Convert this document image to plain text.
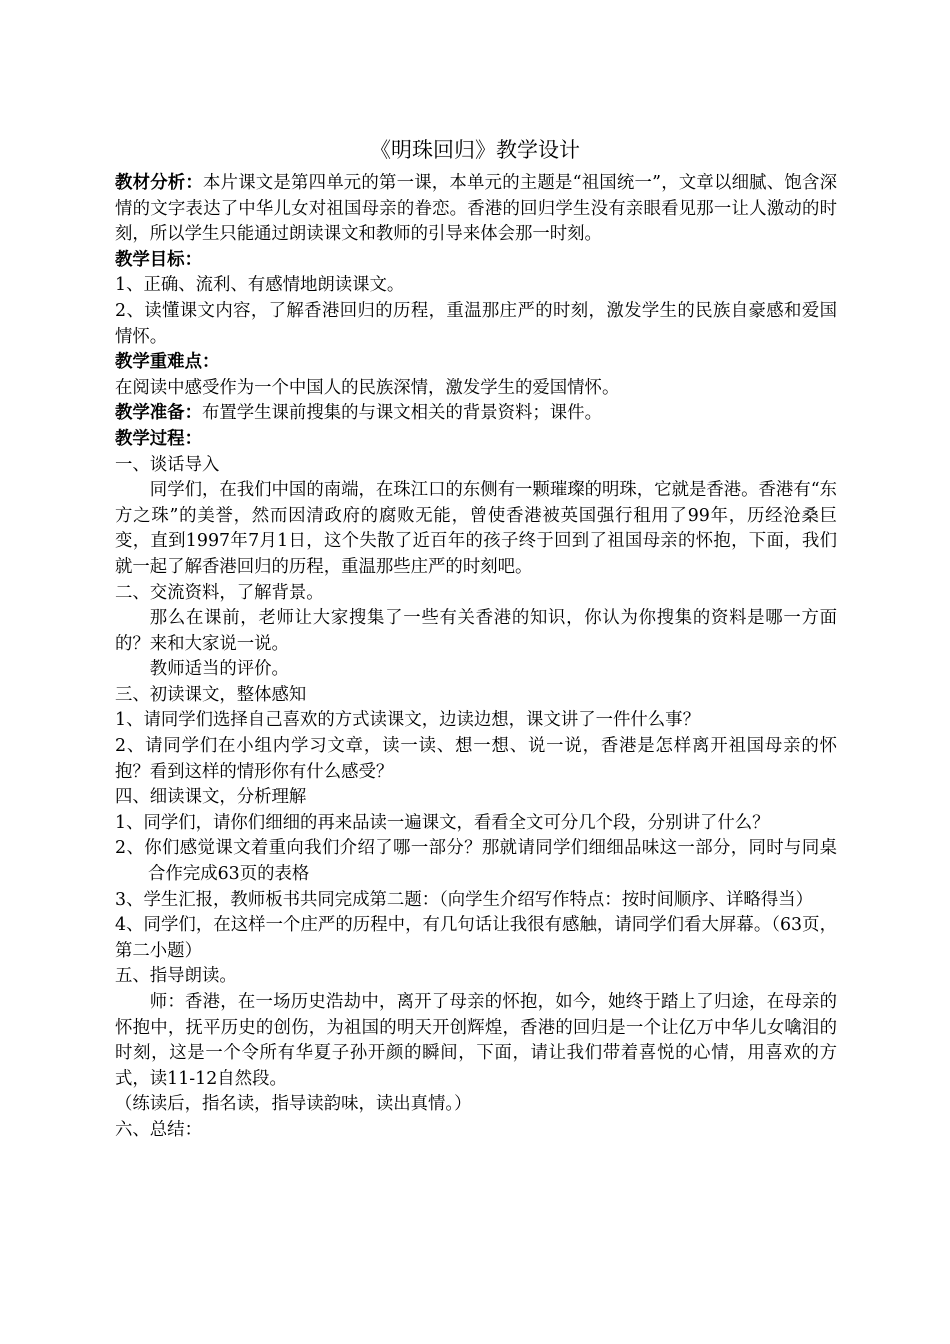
《明珠回归》教学设计

教材分析：本片课文是第四单元的第一课，本单元的主题是“祖国统一”，文章以细腻、饱含深情的文字表达了中华儿女对祖国母亲的眷恋。香港的回归学生没有亲眼看见那一让人激动的时刻，所以学生只能通过朗读课文和教师的引导来体会那一时刻。

教学目标：

1、正确、流利、有感情地朗读课文。

2、读懂课文内容，了解香港回归的历程，重温那庄严的时刻，激发学生的民族自豪感和爱国情怀。

教学重难点：

在阅读中感受作为一个中国人的民族深情，激发学生的爱国情怀。

教学准备：布置学生课前搜集的与课文相关的背景资料；课件。

教学过程：

一、谈话导入

同学们，在我们中国的南端，在珠江口的东侧有一颗璀璨的明珠，它就是香港。香港有“东方之珠”的美誉，然而因清政府的腐败无能，曾使香港被英国强行租用了99年，历经沧桑巨变，直到1997年7月1日，这个失散了近百年的孩子终于回到了祖国母亲的怀抱，下面，我们就一起了解香港回归的历程，重温那些庄严的时刻吧。

二、交流资料，了解背景。

那么在课前，老师让大家搜集了一些有关香港的知识，你认为你搜集的资料是哪一方面的？来和大家说一说。

教师适当的评价。

三、初读课文，整体感知

1、请同学们选择自己喜欢的方式读课文，边读边想，课文讲了一件什么事？

2、请同学们在小组内学习文章，读一读、想一想、说一说，香港是怎样离开祖国母亲的怀抱？看到这样的情形你有什么感受？

四、细读课文，分析理解

1、同学们，请你们细细的再来品读一遍课文，看看全文可分几个段，分别讲了什么？

2、你们感觉课文着重向我们介绍了哪一部分？那就请同学们细细品味这一部分，同时与同桌合作完成63页的表格

3、学生汇报，教师板书共同完成第二题：（向学生介绍写作特点：按时间顺序、详略得当）

4、同学们，在这样一个庄严的历程中，有几句话让我很有感触，请同学们看大屏幕。（63页，第二小题）

五、指导朗读。

师：香港，在一场历史浩劫中，离开了母亲的怀抱，如今，她终于踏上了归途，在母亲的怀抱中，抚平历史的创伤，为祖国的明天开创辉煌，香港的回归是一个让亿万中华儿女噙泪的时刻，这是一个令所有华夏子孙开颜的瞬间，下面，请让我们带着喜悦的心情，用喜欢的方式，读11-12自然段。

（练读后，指名读，指导读韵味，读出真情。）

六、总结：
